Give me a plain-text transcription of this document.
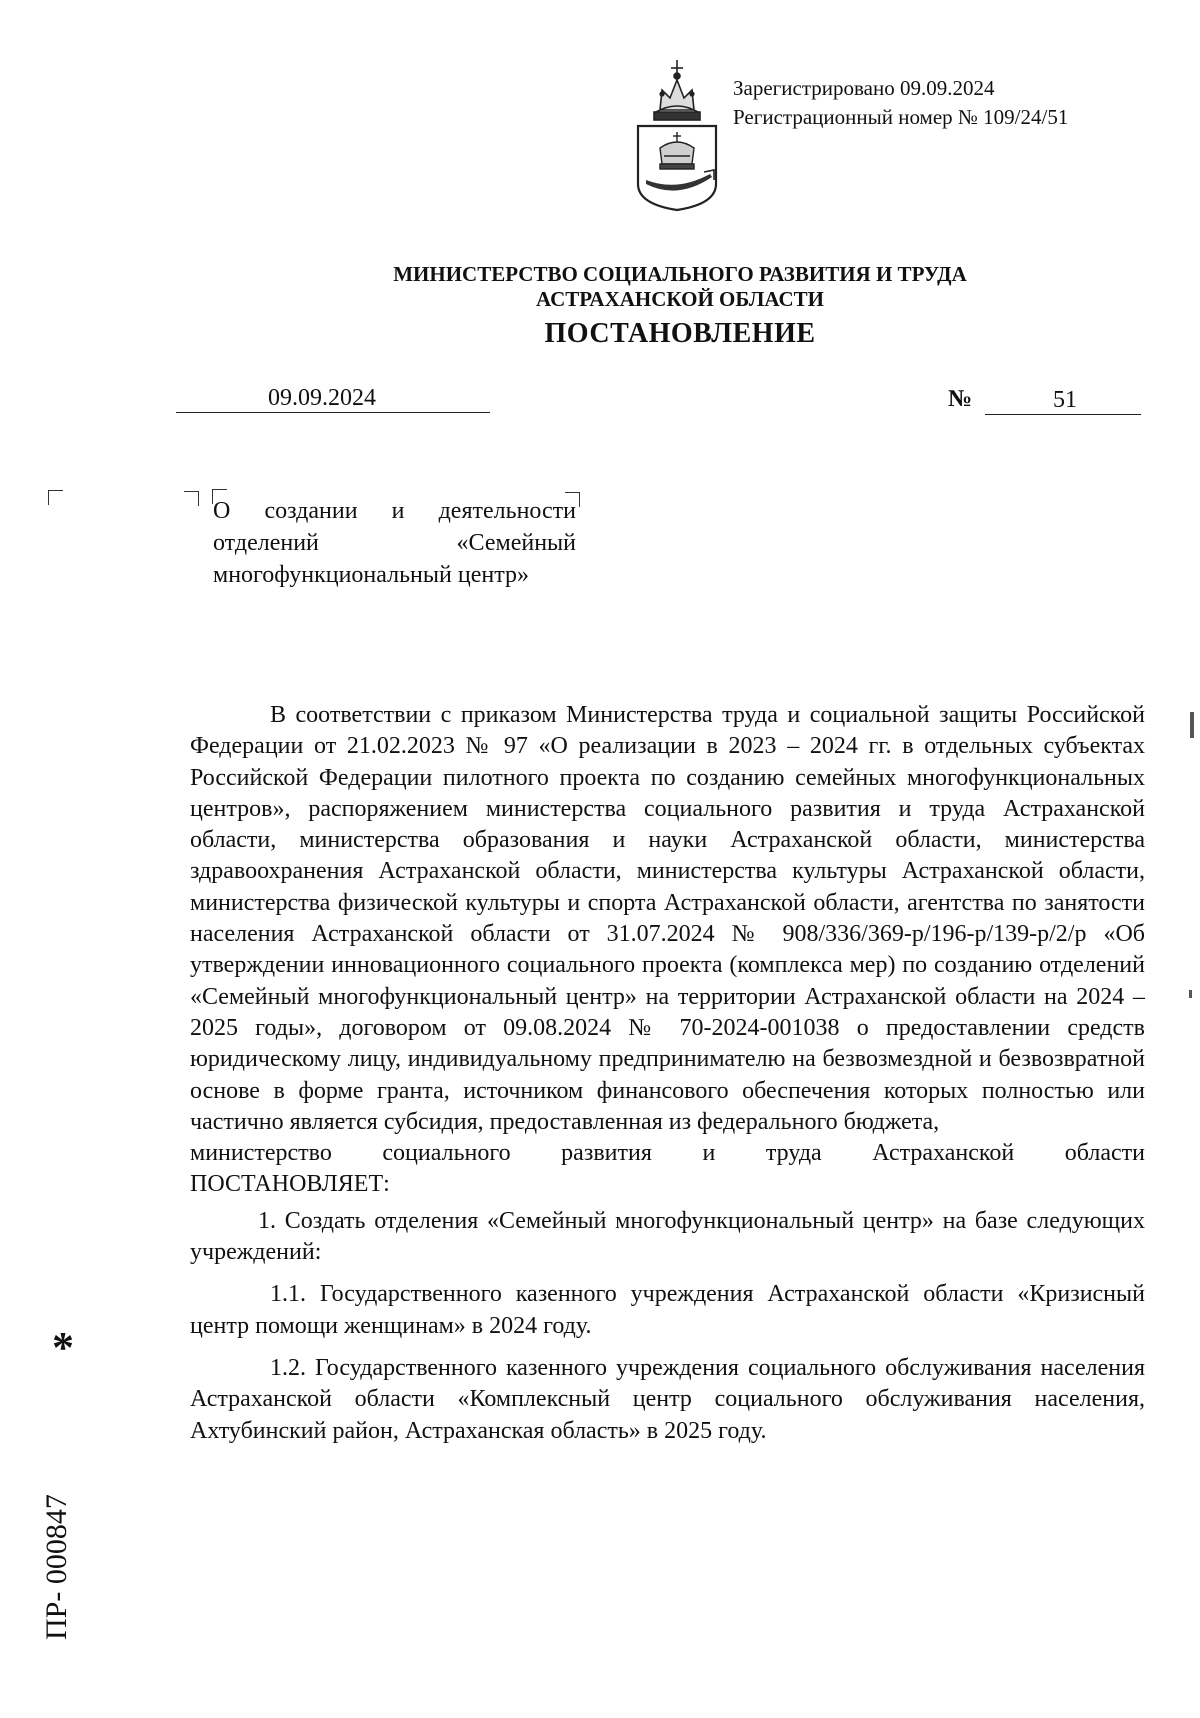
Зарегистрировано 09.09.2024
Регистрационный номер № 109/24/51
МИНИСТЕРСТВО СОЦИАЛЬНОГО РАЗВИТИЯ И ТРУДА
АСТРАХАНСКОЙ ОБЛАСТИ
ПОСТАНОВЛЕНИЕ
09.09.2024	№	51
О создании и деятельности отделений «Семейный многофункциональный центр»

В соответствии с приказом Министерства труда и социальной защиты Российской Федерации от 21.02.2023 № 97 «О реализации в 2023 – 2024 гг. в отдельных субъектах Российской Федерации пилотного проекта по созданию семейных многофункциональных центров», распоряжением министерства социального развития и труда Астраханской области, министерства образования и науки Астраханской области, министерства здравоохранения Астраханской области, министерства культуры Астраханской области, министерства физической культуры и спорта Астраханской области, агентства по занятости населения Астраханской области от 31.07.2024 № 908/336/369-р/196-р/139-р/2/р «Об утверждении инновационного социального проекта (комплекса мер) по созданию отделений «Семейный многофункциональный центр» на территории Астраханской области на 2024 – 2025 годы», договором от 09.08.2024 № 70-2024-001038 о предоставлении средств юридическому лицу, индивидуальному предпринимателю на безвозмездной и безвозвратной основе в форме гранта, источником финансового обеспечения которых полностью или частично является субсидия, предоставленная из федерального бюджета,

министерство социального развития и труда Астраханской области

ПОСТАНОВЛЯЕТ:

1. Создать отделения «Семейный многофункциональный центр» на базе следующих учреждений:

1.1. Государственного казенного учреждения Астраханской области «Кризисный центр помощи женщинам» в 2024 году.

1.2. Государственного казенного учреждения социального обслуживания населения Астраханской области «Комплексный центр социального обслуживания населения, Ахтубинский район, Астраханская область» в 2025 году.

*
ПР- 000847
